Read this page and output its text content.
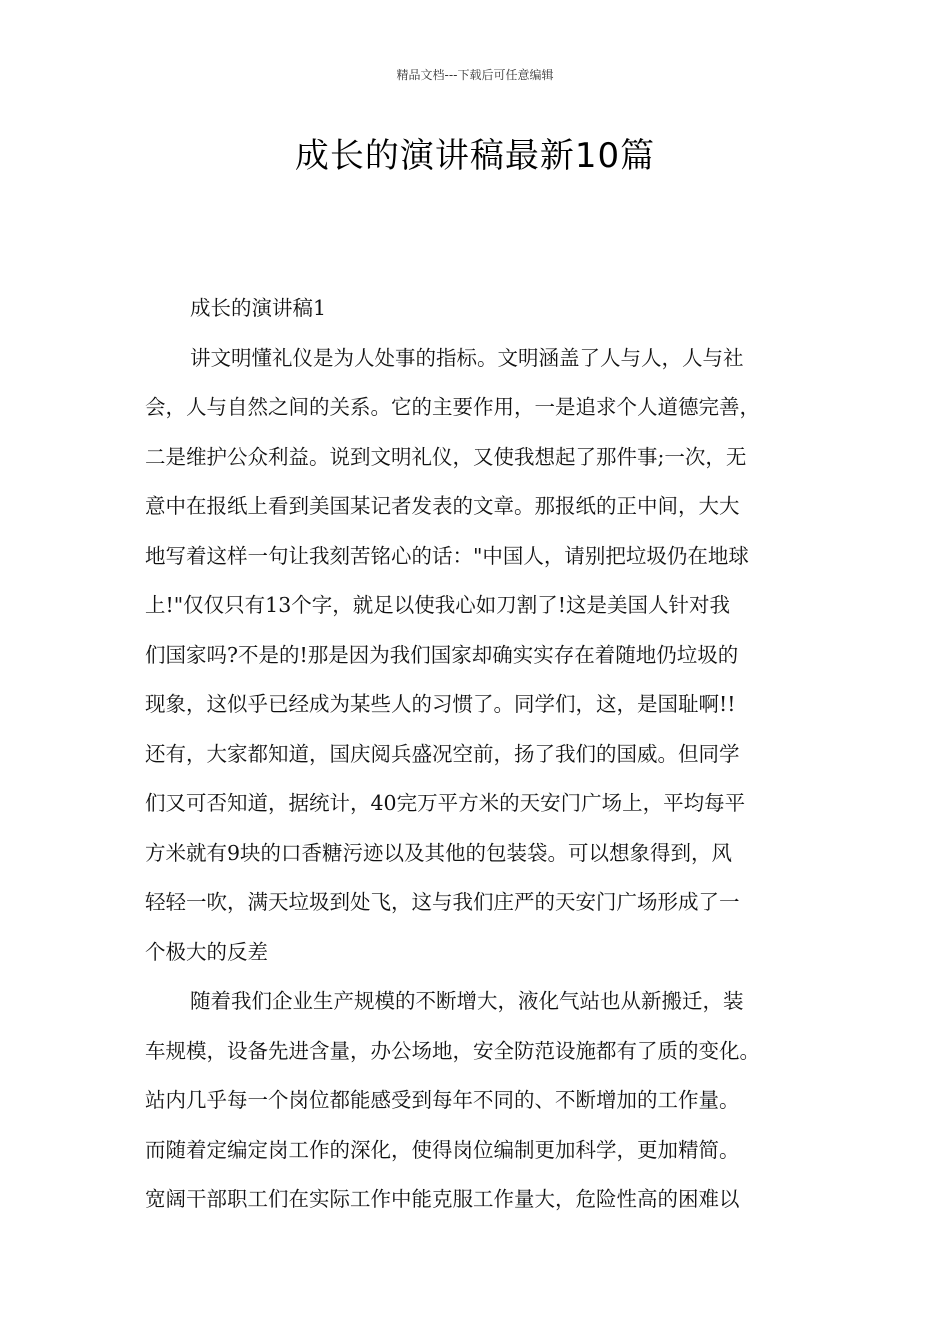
精品文档---下载后可任意编辑
成长的演讲稿最新10篇
成长的演讲稿1
讲文明懂礼仪是为人处事的指标。文明涵盖了人与人，人与社
会，人与自然之间的关系。它的主要作用，一是追求个人道德完善，
二是维护公众利益。说到文明礼仪，又使我想起了那件事;一次，无
意中在报纸上看到美国某记者发表的文章。那报纸的正中间，大大
地写着这样一句让我刻苦铭心的话："中国人，请别把垃圾仍在地球
上!"仅仅只有13个字，就足以使我心如刀割了!这是美国人针对我
们国家吗?不是的!那是因为我们国家却确实实存在着随地仍垃圾的
现象，这似乎已经成为某些人的习惯了。同学们，这，是国耻啊!!
还有，大家都知道，国庆阅兵盛况空前，扬了我们的国威。但同学
们又可否知道，据统计，40完万平方米的天安门广场上，平均每平
方米就有9块的口香糖污迹以及其他的包装袋。可以想象得到，风
轻轻一吹，满天垃圾到处飞，这与我们庄严的天安门广场形成了一
个极大的反差
随着我们企业生产规模的不断增大，液化气站也从新搬迁，装
车规模，设备先进含量，办公场地，安全防范设施都有了质的变化。
站内几乎每一个岗位都能感受到每年不同的、不断增加的工作量。
而随着定编定岗工作的深化，使得岗位编制更加科学，更加精简。
宽阔干部职工们在实际工作中能克服工作量大，危险性高的困难以
